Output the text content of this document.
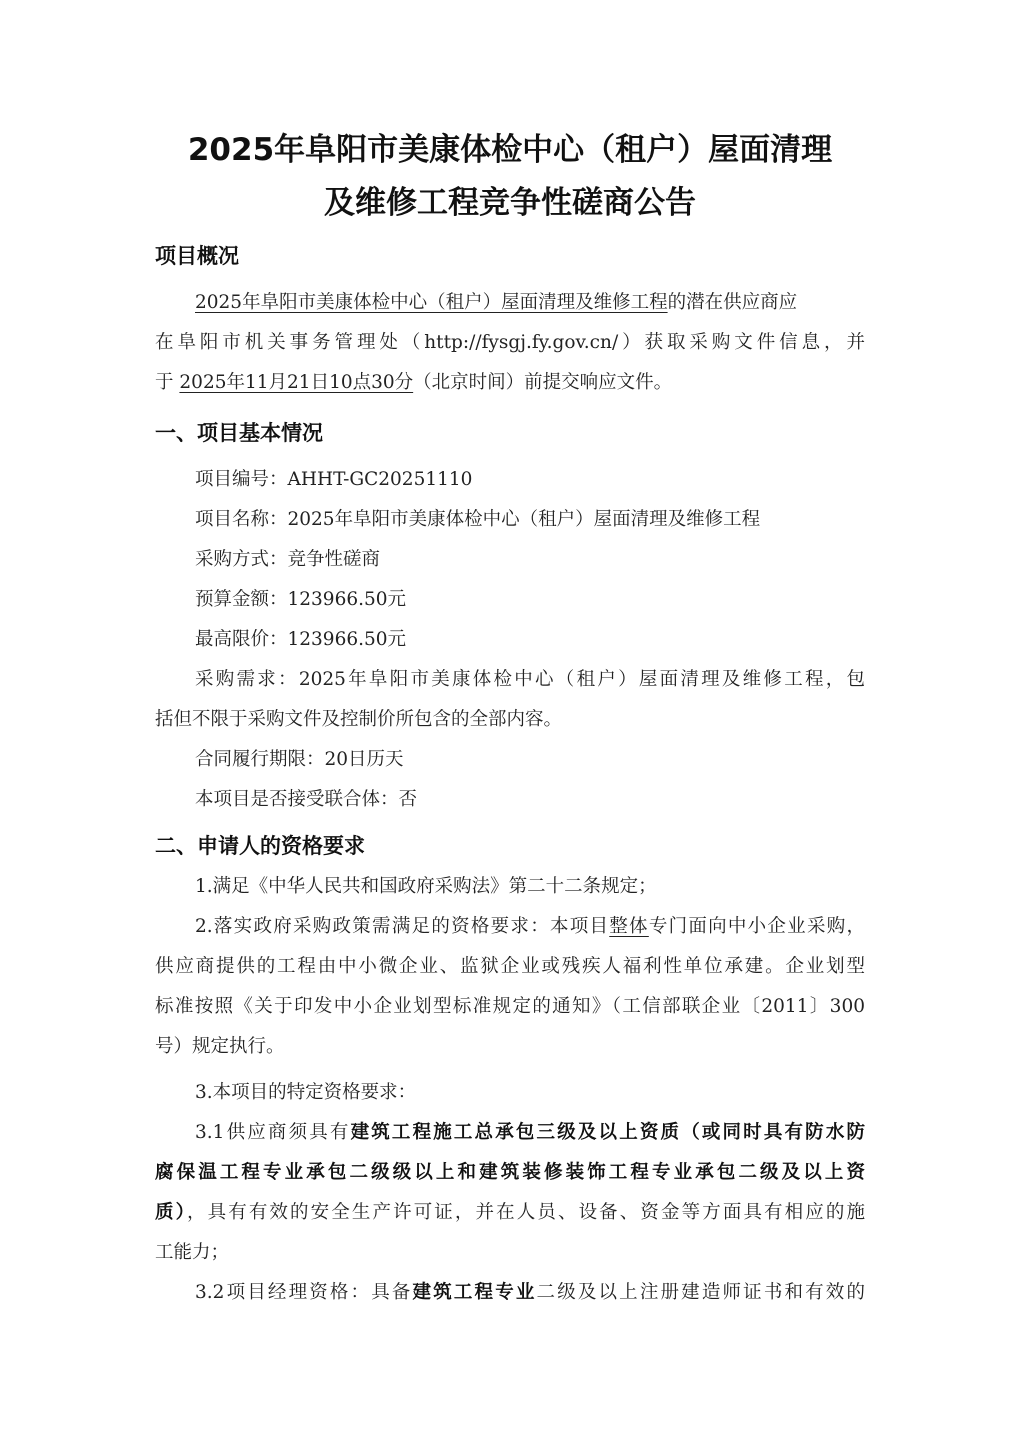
2025年阜阳市美康体检中心（租户）屋面清理
及维修工程竞争性磋商公告
项目概况
2025年阜阳市美康体检中心（租户）屋面清理及维修工程的潜在供应商应
在阜阳市机关事务管理处（http://fysgj.fy.gov.cn/）获取采购文件信息，并
于 2025年11月21日10点30分（北京时间）前提交响应文件。
一、项目基本情况
项目编号：AHHT-GC20251110
项目名称：2025年阜阳市美康体检中心（租户）屋面清理及维修工程
采购方式：竞争性磋商
预算金额：123966.50元
最高限价：123966.50元
采购需求：2025年阜阳市美康体检中心（租户）屋面清理及维修工程，包
括但不限于采购文件及控制价所包含的全部内容。
合同履行期限：20日历天
本项目是否接受联合体：否
二、申请人的资格要求
1.满足《中华人民共和国政府采购法》第二十二条规定；
2.落实政府采购政策需满足的资格要求：本项目整体专门面向中小企业采购，
供应商提供的工程由中小微企业、监狱企业或残疾人福利性单位承建。企业划型
标准按照《关于印发中小企业划型标准规定的通知》（工信部联企业〔2011〕300
号）规定执行。
3.本项目的特定资格要求：
3.1供应商须具有建筑工程施工总承包三级及以上资质（或同时具有防水防
腐保温工程专业承包二级级以上和建筑装修装饰工程专业承包二级及以上资
质），具有有效的安全生产许可证，并在人员、设备、资金等方面具有相应的施
工能力；
3.2项目经理资格：具备建筑工程专业二级及以上注册建造师证书和有效的
